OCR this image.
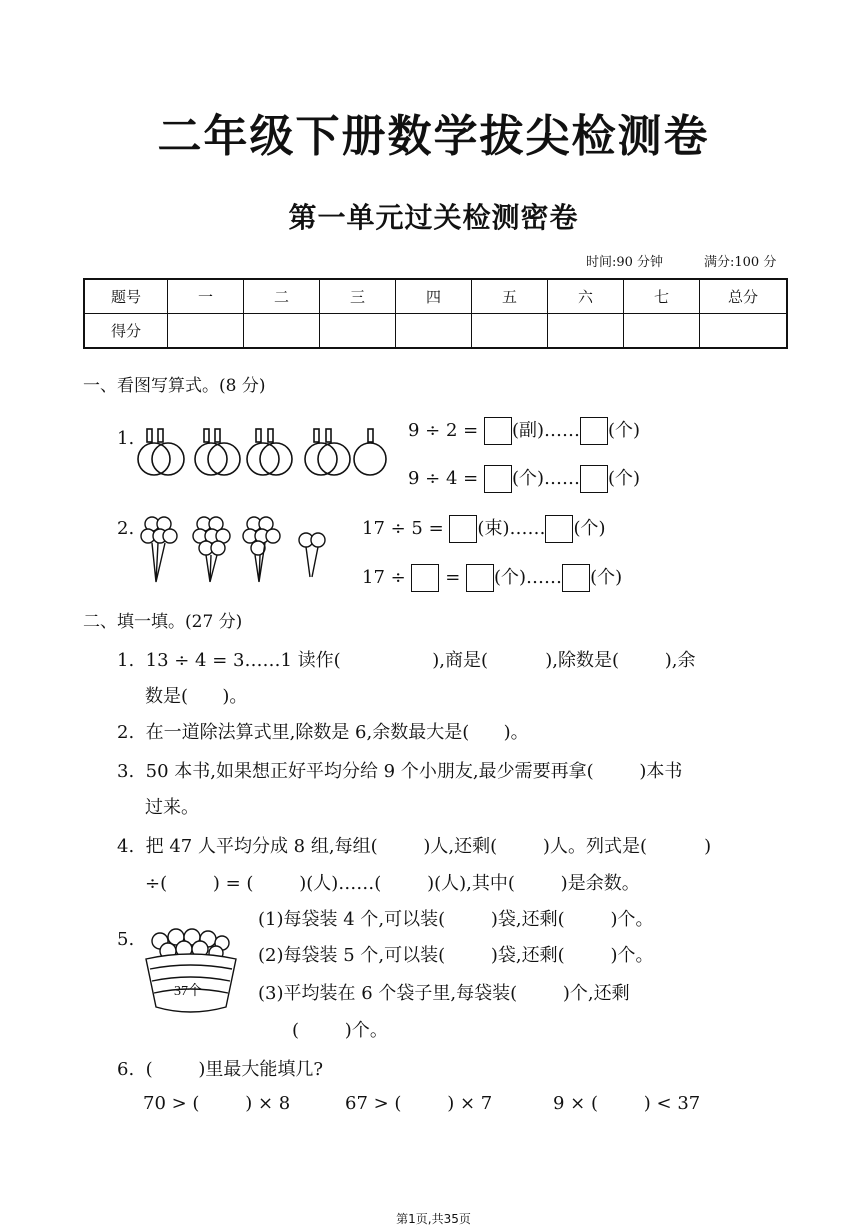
二年级下册数学拔尖检测卷
第一单元过关检测密卷
时间:90 分钟	满分:100 分
题号	一	二	三	四	五	六	七	总分
得分								
一、看图写算式。(8 分)
1.	9 ÷ 2 = (副)…… (个)
9 ÷ 4 = (个)…… (个)
2.	17 ÷ 5 = (束)…… (个)
17 ÷ = (个)…… (个)
二、填一填。(27 分)
1.  13 ÷ 4 = 3……1 读作(                ),商是(          ),除数是(        ),余
数是(      )。
2.  在一道除法算式里,除数是 6,余数最大是(      )。
3.  50 本书,如果想正好平均分给 9 个小朋友,最少需要再拿(        )本书
过来。
4.  把 47 人平均分成 8 组,每组(        )人,还剩(        )人。列式是(          )
÷(        ) = (        )(人)……(        )(人),其中(        )是余数。
5.
37个
(1)每袋装 4 个,可以装(        )袋,还剩(        )个。
(2)每袋装 5 个,可以装(        )袋,还剩(        )个。
(3)平均装在 6 个袋子里,每袋装(        )个,还剩
(        )个。
6.  (        )里最大能填几?
70 > (        ) × 8	67 > (        ) × 7	9 × (        ) < 37
第1页,共35页
